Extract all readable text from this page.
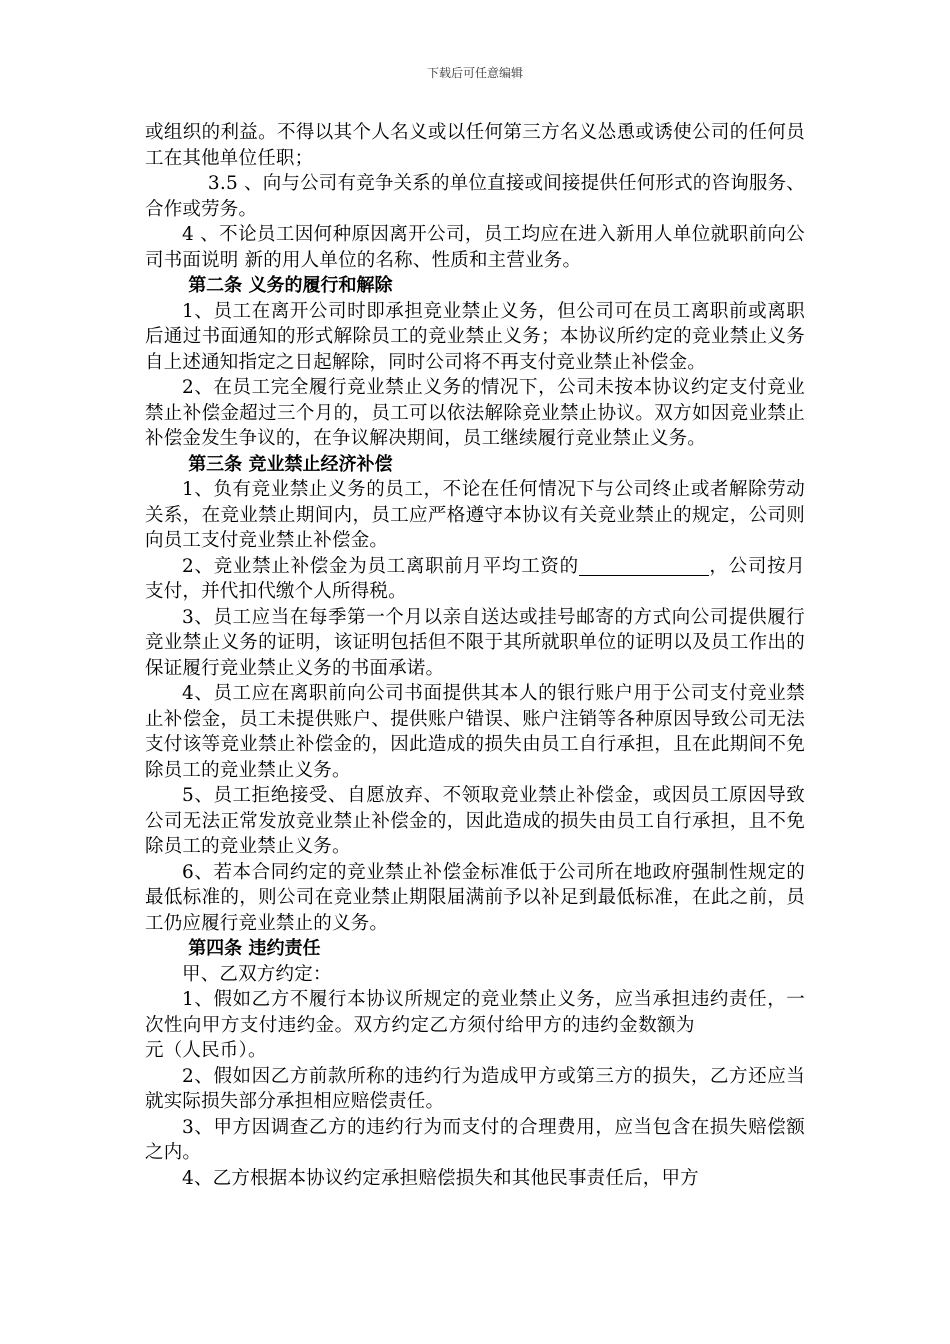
下载后可任意编辑

或组织的利益。不得以其个人名义或以任何第三方名义怂恿或诱使公司的任何员工在其他单位任职；

3.5 、向与公司有竞争关系的单位直接或间接提供任何形式的咨询服务、合作或劳务。

4 、不论员工因何种原因离开公司，员工均应在进入新用人单位就职前向公司书面说明 新的用人单位的名称、性质和主营业务。

第二条 义务的履行和解除

1、员工在离开公司时即承担竞业禁止义务，但公司可在员工离职前或离职后通过书面通知的形式解除员工的竞业禁止义务；本协议所约定的竞业禁止义务自上述通知指定之日起解除，同时公司将不再支付竞业禁止补偿金。

2、在员工完全履行竞业禁止义务的情况下，公司未按本协议约定支付竞业禁止补偿金超过三个月的，员工可以依法解除竞业禁止协议。双方如因竞业禁止补偿金发生争议的，在争议解决期间，员工继续履行竞业禁止义务。

第三条 竞业禁止经济补偿

1、负有竞业禁止义务的员工，不论在任何情况下与公司终止或者解除劳动关系，在竞业禁止期间内，员工应严格遵守本协议有关竞业禁止的规定，公司则向员工支付竞业禁止补偿金。

2、竞业禁止补偿金为员工离职前月平均工资的	，公司按月支付，并代扣代缴个人所得税。

3、员工应当在每季第一个月以亲自送达或挂号邮寄的方式向公司提供履行竞业禁止义务的证明，该证明包括但不限于其所就职单位的证明以及员工作出的保证履行竞业禁止义务的书面承诺。

4、员工应在离职前向公司书面提供其本人的银行账户用于公司支付竞业禁止补偿金，员工未提供账户、提供账户错误、账户注销等各种原因导致公司无法支付该等竞业禁止补偿金的，因此造成的损失由员工自行承担，且在此期间不免除员工的竞业禁止义务。

5、员工拒绝接受、自愿放弃、不领取竞业禁止补偿金，或因员工原因导致公司无法正常发放竞业禁止补偿金的，因此造成的损失由员工自行承担，且不免除员工的竞业禁止义务。

6、若本合同约定的竞业禁止补偿金标准低于公司所在地政府强制性规定的最低标准的，则公司在竞业禁止期限届满前予以补足到最低标准，在此之前，员工仍应履行竞业禁止的义务。

第四条 违约责任

甲、乙双方约定：

1、假如乙方不履行本协议所规定的竞业禁止义务，应当承担违约责任，一次性向甲方支付违约金。双方约定乙方须付给甲方的违约金数额为元（人民币）。

2、假如因乙方前款所称的违约行为造成甲方或第三方的损失，乙方还应当就实际损失部分承担相应赔偿责任。

3、甲方因调查乙方的违约行为而支付的合理费用，应当包含在损失赔偿额之内。

4、乙方根据本协议约定承担赔偿损失和其他民事责任后，甲方
